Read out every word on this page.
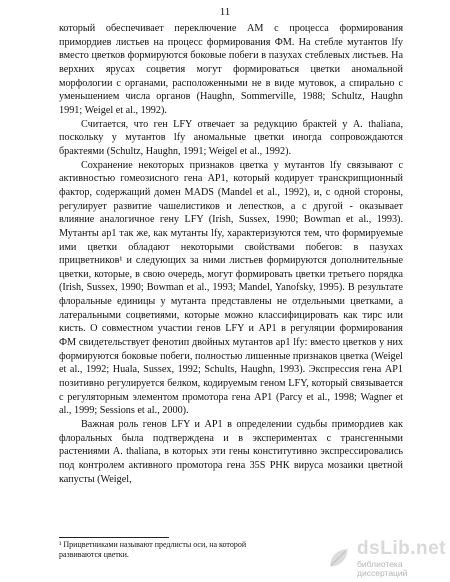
11

который обеспечивает переключение АМ с процесса формирования примордиев листьев на процесс формирования ФМ. На стебле мутантов lfy вместо цветков формируются боковые побеги в пазухах стеблевых листьев. На верхних ярусах соцветия могут формироваться цветки аномальной морфологии с органами, расположенными не в виде мутовок, а спирально с уменьшением числа органов (Haughn, Sommerville, 1988; Schultz, Haughn 1991; Weigel et al., 1992).

Считается, что ген LFY отвечает за редукцию брактей у A. thaliana, поскольку у мутантов lfy аномальные цветки иногда сопровождаются брактеями (Schultz, Haughn, 1991; Weigel et al., 1992).

Сохранение некоторых признаков цветка у мутантов lfy связывают с активностью гомеозисного гена AP1, который кодирует транскрипционный фактор, содержащий домен MADS (Mandel et al., 1992), и, с одной стороны, регулирует развитие чашелистиков и лепестков, а с другой - оказывает влияние аналогичное гену LFY (Irish, Sussex, 1990; Bowman et al., 1993). Мутанты ap1 так же, как мутанты lfy, характеризуются тем, что формируемые ими цветки обладают некоторыми свойствами побегов: в пазухах прицветников¹ и следующих за ними листьев формируются дополнительные цветки, которые, в свою очередь, могут формировать цветки третьего порядка (Irish, Sussex, 1990; Bowman et al., 1993; Mandel, Yanofsky, 1995). В результате флоральные единицы у мутанта представлены не отдельными цветками, а латеральными соцветиями, которые можно классифицировать как тирс или кисть. О совместном участии генов LFY и AP1 в регуляции формирования ФМ свидетельствует фенотип двойных мутантов ap1 lfy: вместо цветков у них формируются боковые побеги, полностью лишенные признаков цветка (Weigel et al., 1992; Huala, Sussex, 1992; Schults, Haughn, 1993). Экспрессия гена AP1 позитивно регулируется белком, кодируемым геном LFY, который связывается с регуляторным элементом промотора гена AP1 (Parcy et al., 1998; Wagner et al., 1999; Sessions et al., 2000).

Важная роль генов LFY и AP1 в определении судьбы примордиев как флоральных была подтверждена и в экспериментах с трансгенными растениями A. thaliana, в которых эти гены конститутивно экспрессировались под контролем активного промотора гена 35S РНК вируса мозаики цветной капусты (Weigel,

¹ Прицветниками называют предлисты оси, на которой развиваются цветки.	dsLib.net
библиотека диссертаций
